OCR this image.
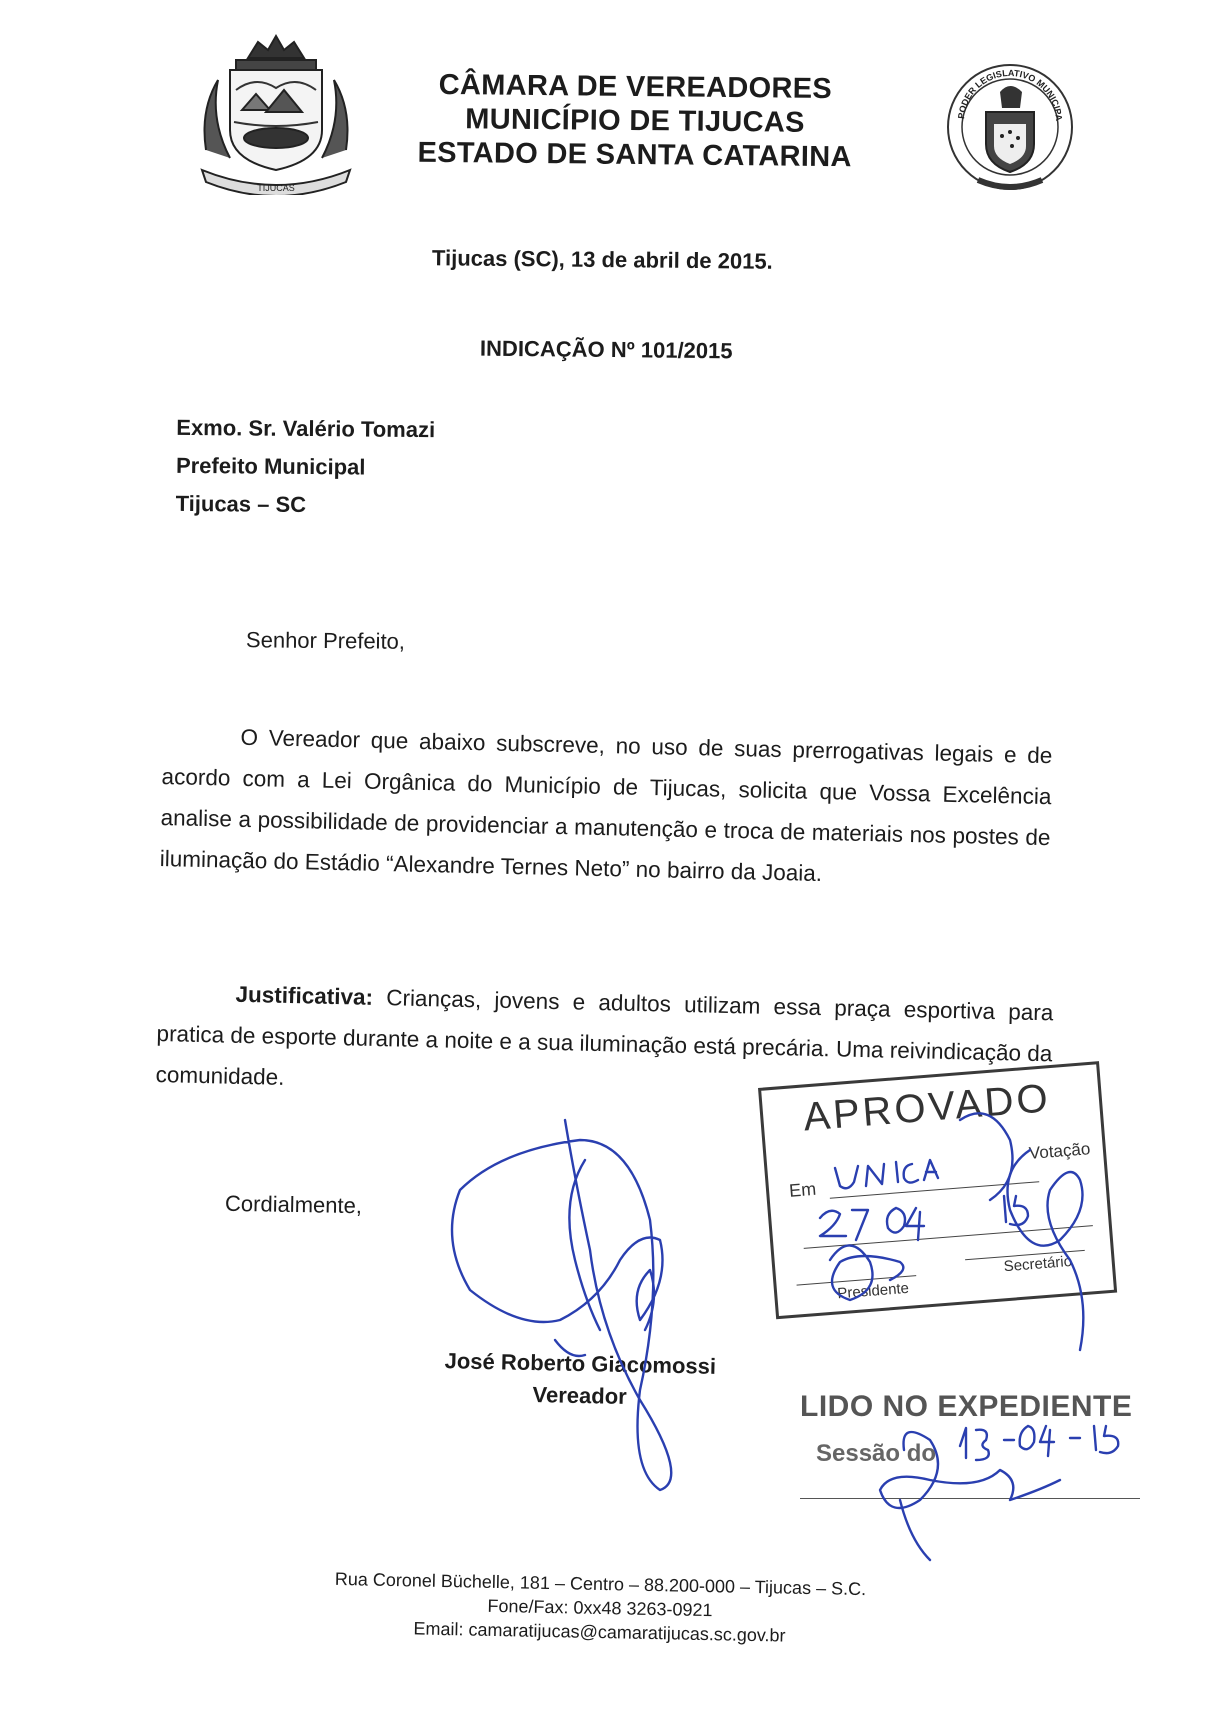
TIJUCAS
CÂMARA DE VEREADORES
MUNICÍPIO DE TIJUCAS
ESTADO DE SANTA CATARINA
PODER LEGISLATIVO MUNICIPA
Tijucas (SC), 13 de abril de 2015.
INDICAÇÃO Nº 101/2015
Exmo. Sr. Valério Tomazi
Prefeito Municipal
Tijucas – SC
Senhor Prefeito,
O Vereador que abaixo subscreve, no uso de suas prerrogativas legais e de acordo com a Lei Orgânica do Município de Tijucas, solicita que Vossa Excelência analise a possibilidade de providenciar a manutenção e troca de materiais nos postes de iluminação do Estádio “Alexandre Ternes Neto” no bairro da Joaia.
Justificativa: Crianças, jovens e adultos utilizam essa praça esportiva para pratica de esporte durante a noite e a sua iluminação está precária. Uma reivindicação da comunidade.
Cordialmente,
José Roberto Giacomossi
Vereador
APROVADO
Votação
Em
Presidente
Secretário
LIDO NO EXPEDIENTE
Sessão do
Rua Coronel Büchelle, 181 – Centro – 88.200-000 – Tijucas – S.C.
Fone/Fax: 0xx48 3263-0921
Email: camaratijucas@camaratijucas.sc.gov.br
